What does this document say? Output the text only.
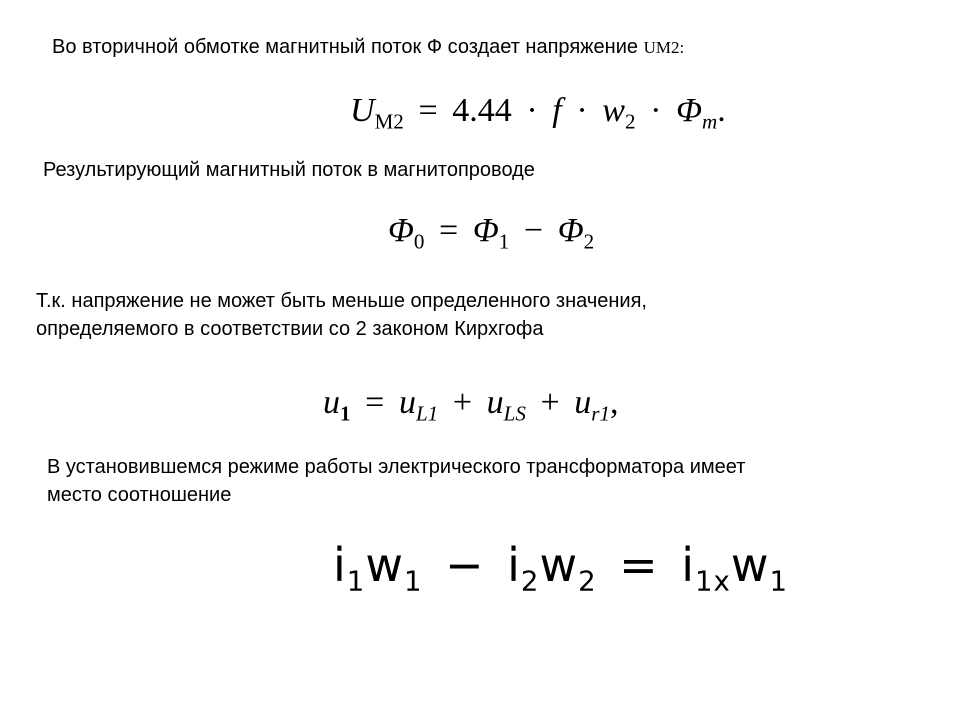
Во вторичной обмотке магнитный поток Ф создает напряжение UM2:
$U_{M2} = 4.44 \cdot f \cdot w_2 \cdot \Phi_m$.
Результирующий магнитный поток в магнитопроводе
$\Phi_0 = \Phi_1 - \Phi_2$
Т.к. напряжение не может быть меньше определенного значения,
определяемого в соответствии со 2 законом Кирхгофа
$u_1 = u_{L1} + u_{LS} + u_{r1}$,
В установившемся режиме работы электрического трансформатора имеет
место соотношение
$i_1w_1 - i_2w_2 = i_{1x}w_1$
